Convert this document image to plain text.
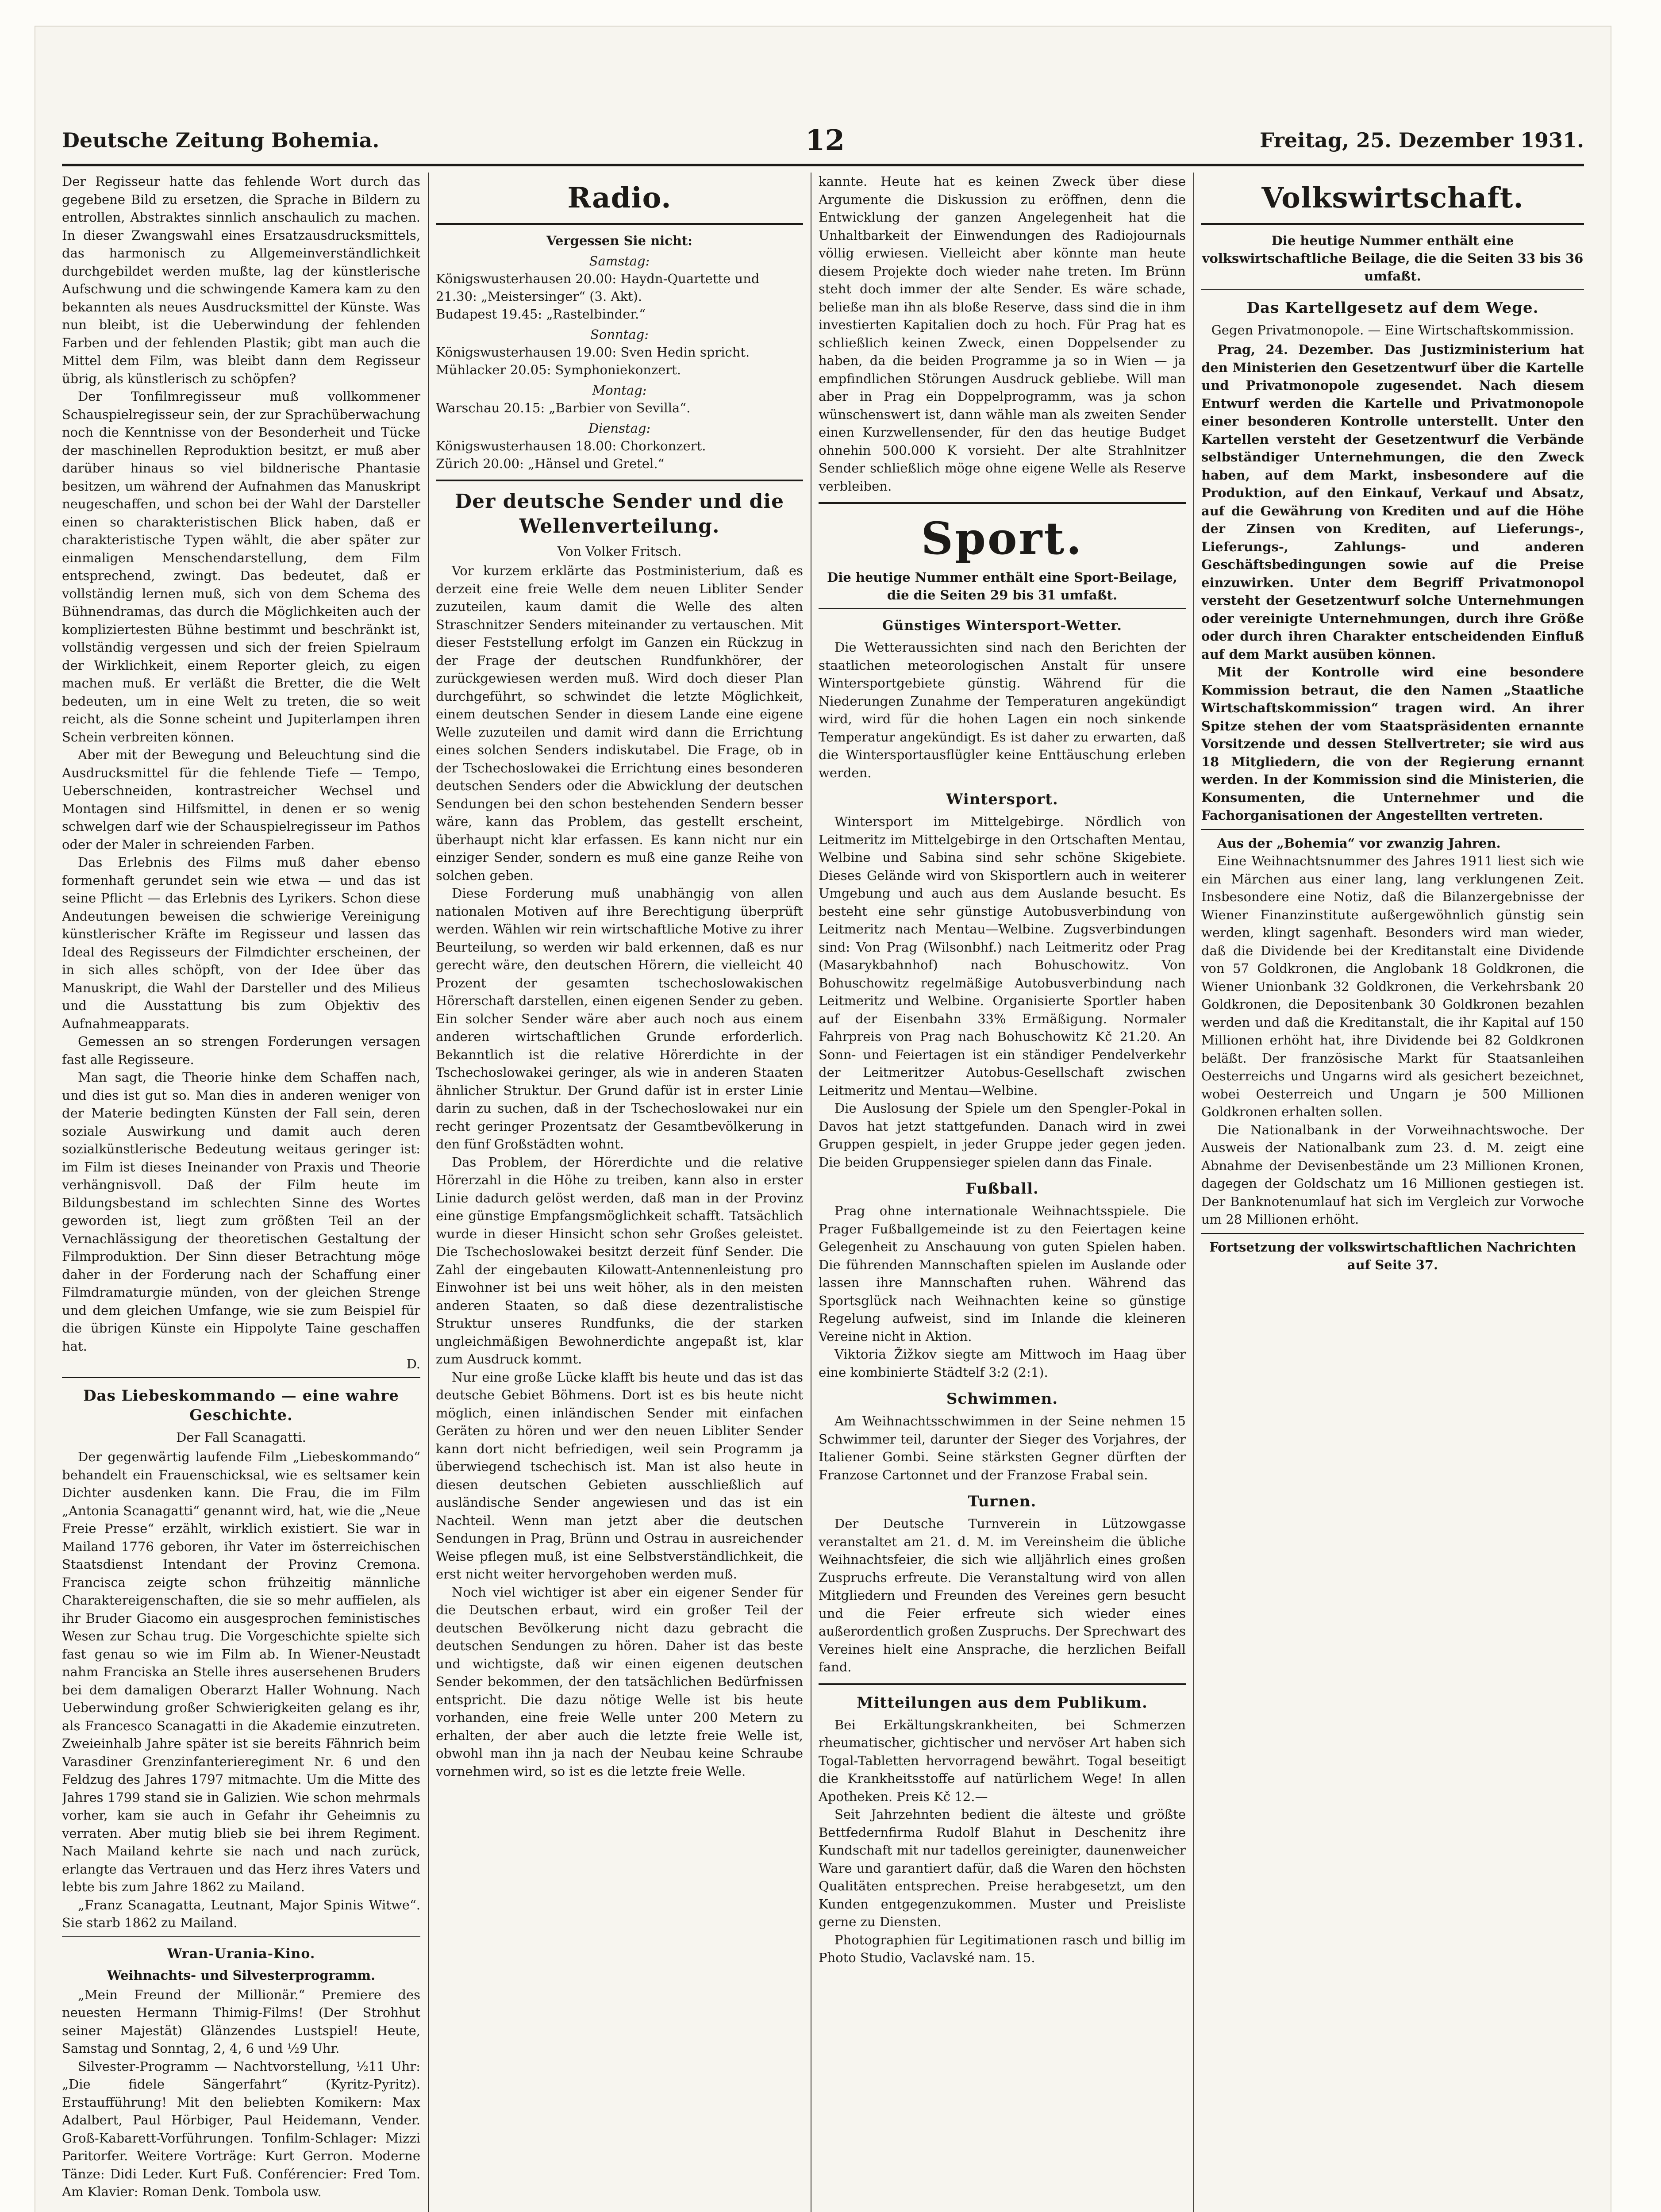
Deutsche Zeitung Bohemia.	12	Freitag, 25. Dezember 1931.

Der Regisseur hatte das fehlende Wort durch das gegebene Bild zu ersetzen, die Sprache in Bildern zu entrollen, Abstraktes sinnlich anschaulich zu machen. In dieser Zwangswahl eines Ersatzausdrucksmittels, das harmonisch zu Allgemeinverständlichkeit durchgebildet werden mußte, lag der künstlerische Aufschwung und die schwingende Kamera kam zu den bekannten als neues Ausdrucksmittel der Künste. Was nun bleibt, ist die Ueberwindung der fehlenden Farben und der fehlenden Plastik; gibt man auch die Mittel dem Film, was bleibt dann dem Regisseur übrig, als künstlerisch zu schöpfen?

Der Tonfilmregisseur muß vollkommener Schauspielregisseur sein, der zur Sprachüberwachung noch die Kenntnisse von der Besonderheit und Tücke der maschinellen Reproduktion besitzt, er muß aber darüber hinaus so viel bildnerische Phantasie besitzen, um während der Aufnahmen das Manuskript neugeschaffen, und schon bei der Wahl der Darsteller einen so charakteristischen Blick haben, daß er charakteristische Typen wählt, die aber später zur einmaligen Menschendarstellung, dem Film entsprechend, zwingt. Das bedeutet, daß er vollständig lernen muß, sich von dem Schema des Bühnendramas, das durch die Möglichkeiten auch der kompliziertesten Bühne bestimmt und beschränkt ist, vollständig vergessen und sich der freien Spielraum der Wirklichkeit, einem Reporter gleich, zu eigen machen muß. Er verläßt die Bretter, die die Welt bedeuten, um in eine Welt zu treten, die so weit reicht, als die Sonne scheint und Jupiterlampen ihren Schein verbreiten können.

Aber mit der Bewegung und Beleuchtung sind die Ausdrucksmittel für die fehlende Tiefe — Tempo, Ueberschneiden, kontrastreicher Wechsel und Montagen sind Hilfsmittel, in denen er so wenig schwelgen darf wie der Schauspielregisseur im Pathos oder der Maler in schreienden Farben.

Das Erlebnis des Films muß daher ebenso formenhaft gerundet sein wie etwa — und das ist seine Pflicht — das Erlebnis des Lyrikers. Schon diese Andeutungen beweisen die schwierige Vereinigung künstlerischer Kräfte im Regisseur und lassen das Ideal des Regisseurs der Filmdichter erscheinen, der in sich alles schöpft, von der Idee über das Manuskript, die Wahl der Darsteller und des Milieus und die Ausstattung bis zum Objektiv des Aufnahmeapparats.

Gemessen an so strengen Forderungen versagen fast alle Regisseure.

Man sagt, die Theorie hinke dem Schaffen nach, und dies ist gut so. Man dies in anderen weniger von der Materie bedingten Künsten der Fall sein, deren soziale Auswirkung und damit auch deren sozialkünstlerische Bedeutung weitaus geringer ist: im Film ist dieses Ineinander von Praxis und Theorie verhängnisvoll. Daß der Film heute im Bildungsbestand im schlechten Sinne des Wortes geworden ist, liegt zum größten Teil an der Vernachlässigung der theoretischen Gestaltung der Filmproduktion. Der Sinn dieser Betrachtung möge daher in der Forderung nach der Schaffung einer Filmdramaturgie münden, von der gleichen Strenge und dem gleichen Umfange, wie sie zum Beispiel für die übrigen Künste ein Hippolyte Taine geschaffen hat.

D.
Das Liebeskommando — eine wahre Geschichte.
Der Fall Scanagatti.

Der gegenwärtig laufende Film „Liebeskommando“ behandelt ein Frauenschicksal, wie es seltsamer kein Dichter ausdenken kann. Die Frau, die im Film „Antonia Scanagatti“ genannt wird, hat, wie die „Neue Freie Presse“ erzählt, wirklich existiert. Sie war in Mailand 1776 geboren, ihr Vater im österreichischen Staatsdienst Intendant der Provinz Cremona. Francisca zeigte schon frühzeitig männliche Charaktereigenschaften, die sie so mehr auffielen, als ihr Bruder Giacomo ein ausgesprochen feministisches Wesen zur Schau trug. Die Vorgeschichte spielte sich fast genau so wie im Film ab. In Wiener-Neustadt nahm Franciska an Stelle ihres ausersehenen Bruders bei dem damaligen Oberarzt Haller Wohnung. Nach Ueberwindung großer Schwierigkeiten gelang es ihr, als Francesco Scanagatti in die Akademie einzutreten. Zweieinhalb Jahre später ist sie bereits Fähnrich beim Varasdiner Grenzinfanterieregiment Nr. 6 und den Feldzug des Jahres 1797 mitmachte. Um die Mitte des Jahres 1799 stand sie in Galizien. Wie schon mehrmals vorher, kam sie auch in Gefahr ihr Geheimnis zu verraten. Aber mutig blieb sie bei ihrem Regiment. Nach Mailand kehrte sie nach und nach zurück, erlangte das Vertrauen und das Herz ihres Vaters und lebte bis zum Jahre 1862 zu Mailand.

„Franz Scanagatta, Leutnant, Major Spinis Witwe“. Sie starb 1862 zu Mailand.

Wran-Urania-Kino.
Weihnachts- und Silvesterprogramm.

„Mein Freund der Millionär.“ Premiere des neuesten Hermann Thimig-Films! (Der Strohhut seiner Majestät) Glänzendes Lustspiel! Heute, Samstag und Sonntag, 2, 4, 6 und ½9 Uhr.

Silvester-Programm — Nachtvorstellung, ½11 Uhr: „Die fidele Sängerfahrt“ (Kyritz-Pyritz). Erstaufführung! Mit den beliebten Komikern: Max Adalbert, Paul Hörbiger, Paul Heidemann, Vender. Groß-Kabarett-Vorführungen. Tonfilm-Schlager: Mizzi Paritorfer. Weitere Vorträge: Kurt Gerron. Moderne Tänze: Didi Leder. Kurt Fuß. Conférencier: Fred Tom. Am Klavier: Roman Denk. Tombola usw.

Radio.
Vergessen Sie nicht:
Samstag:
Königswusterhausen 20.00: Haydn-Quartette und 21.30: „Meistersinger“ (3. Akt).
Budapest 19.45: „Rastelbinder.“
Sonntag:
Königswusterhausen 19.00: Sven Hedin spricht.
Mühlacker 20.05: Symphoniekonzert.
Montag:
Warschau 20.15: „Barbier von Sevilla“.
Dienstag:
Königswusterhausen 18.00: Chorkonzert.
Zürich 20.00: „Hänsel und Gretel.“
Der deutsche Sender und die Wellenverteilung.
Von Volker Fritsch.

Vor kurzem erklärte das Postministerium, daß es derzeit eine freie Welle dem neuen Libliter Sender zuzuteilen, kaum damit die Welle des alten Straschnitzer Senders miteinander zu vertauschen. Mit dieser Feststellung erfolgt im Ganzen ein Rückzug in der Frage der deutschen Rundfunkhörer, der zurückgewiesen werden muß. Wird doch dieser Plan durchgeführt, so schwindet die letzte Möglichkeit, einem deutschen Sender in diesem Lande eine eigene Welle zuzuteilen und damit wird dann die Errichtung eines solchen Senders indiskutabel. Die Frage, ob in der Tschechoslowakei die Errichtung eines besonderen deutschen Senders oder die Abwicklung der deutschen Sendungen bei den schon bestehenden Sendern besser wäre, kann das Problem, das gestellt erscheint, überhaupt nicht klar erfassen. Es kann nicht nur ein einziger Sender, sondern es muß eine ganze Reihe von solchen geben.

Diese Forderung muß unabhängig von allen nationalen Motiven auf ihre Berechtigung überprüft werden. Wählen wir rein wirtschaftliche Motive zu ihrer Beurteilung, so werden wir bald erkennen, daß es nur gerecht wäre, den deutschen Hörern, die vielleicht 40 Prozent der gesamten tschechoslowakischen Hörerschaft darstellen, einen eigenen Sender zu geben. Ein solcher Sender wäre aber auch noch aus einem anderen wirtschaftlichen Grunde erforderlich. Bekanntlich ist die relative Hörerdichte in der Tschechoslowakei geringer, als wie in anderen Staaten ähnlicher Struktur. Der Grund dafür ist in erster Linie darin zu suchen, daß in der Tschechoslowakei nur ein recht geringer Prozentsatz der Gesamtbevölkerung in den fünf Großstädten wohnt.

Das Problem, der Hörerdichte und die relative Hörerzahl in die Höhe zu treiben, kann also in erster Linie dadurch gelöst werden, daß man in der Provinz eine günstige Empfangsmöglichkeit schafft. Tatsächlich wurde in dieser Hinsicht schon sehr Großes geleistet. Die Tschechoslowakei besitzt derzeit fünf Sender. Die Zahl der eingebauten Kilowatt-Antennenleistung pro Einwohner ist bei uns weit höher, als in den meisten anderen Staaten, so daß diese dezentralistische Struktur unseres Rundfunks, die der starken ungleichmäßigen Bewohnerdichte angepaßt ist, klar zum Ausdruck kommt.

Nur eine große Lücke klafft bis heute und das ist das deutsche Gebiet Böhmens. Dort ist es bis heute nicht möglich, einen inländischen Sender mit einfachen Geräten zu hören und wer den neuen Libliter Sender kann dort nicht befriedigen, weil sein Programm ja überwiegend tschechisch ist. Man ist also heute in diesen deutschen Gebieten ausschließlich auf ausländische Sender angewiesen und das ist ein Nachteil. Wenn man jetzt aber die deutschen Sendungen in Prag, Brünn und Ostrau in ausreichender Weise pflegen muß, ist eine Selbstverständlichkeit, die erst nicht weiter hervorgehoben werden muß.

Noch viel wichtiger ist aber ein eigener Sender für die Deutschen erbaut, wird ein großer Teil der deutschen Bevölkerung nicht dazu gebracht die deutschen Sendungen zu hören. Daher ist das beste und wichtigste, daß wir einen eigenen deutschen Sender bekommen, der den tatsächlichen Bedürfnissen entspricht. Die dazu nötige Welle ist bis heute vorhanden, eine freie Welle unter 200 Metern zu erhalten, der aber auch die letzte freie Welle ist, obwohl man ihn ja nach der Neubau keine Schraube vornehmen wird, so ist es die letzte freie Welle.

kannte. Heute hat es keinen Zweck über diese Argumente die Diskussion zu eröffnen, denn die Entwicklung der ganzen Angelegenheit hat die Unhaltbarkeit der Einwendungen des Radiojournals völlig erwiesen. Vielleicht aber könnte man heute diesem Projekte doch wieder nahe treten. Im Brünn steht doch immer der alte Sender. Es wäre schade, beließe man ihn als bloße Reserve, dass sind die in ihm investierten Kapitalien doch zu hoch. Für Prag hat es schließlich keinen Zweck, einen Doppelsender zu haben, da die beiden Programme ja so in Wien — ja empfindlichen Störungen Ausdruck gebliebe. Will man aber in Prag ein Doppelprogramm, was ja schon wünschenswert ist, dann wähle man als zweiten Sender einen Kurzwellensender, für den das heutige Budget ohnehin 500.000 K vorsieht. Der alte Strahlnitzer Sender schließlich möge ohne eigene Welle als Reserve verbleiben.

Sport.
Die heutige Nummer enthält eine Sport-Beilage, die die Seiten 29 bis 31 umfaßt.
Günstiges Wintersport-Wetter.

Die Wetteraussichten sind nach den Berichten der staatlichen meteorologischen Anstalt für unsere Wintersportgebiete günstig. Während für die Niederungen Zunahme der Temperaturen angekündigt wird, wird für die hohen Lagen ein noch sinkende Temperatur angekündigt. Es ist daher zu erwarten, daß die Wintersportausflügler keine Enttäuschung erleben werden.

Wintersport.

Wintersport im Mittelgebirge. Nördlich von Leitmeritz im Mittelgebirge in den Ortschaften Mentau, Welbine und Sabina sind sehr schöne Skigebiete. Dieses Gelände wird von Skisportlern auch in weiterer Umgebung und auch aus dem Auslande besucht. Es besteht eine sehr günstige Autobusverbindung von Leitmeritz nach Mentau—Welbine. Zugsverbindungen sind: Von Prag (Wilsonbhf.) nach Leitmeritz oder Prag (Masarykbahnhof) nach Bohuschowitz. Von Bohuschowitz regelmäßige Autobusverbindung nach Leitmeritz und Welbine. Organisierte Sportler haben auf der Eisenbahn 33% Ermäßigung. Normaler Fahrpreis von Prag nach Bohuschowitz Kč 21.20. An Sonn- und Feiertagen ist ein ständiger Pendelverkehr der Leitmeritzer Autobus-Gesellschaft zwischen Leitmeritz und Mentau—Welbine.

Die Auslosung der Spiele um den Spengler-Pokal in Davos hat jetzt stattgefunden. Danach wird in zwei Gruppen gespielt, in jeder Gruppe jeder gegen jeden. Die beiden Gruppensieger spielen dann das Finale.

Fußball.

Prag ohne internationale Weihnachtsspiele. Die Prager Fußballgemeinde ist zu den Feiertagen keine Gelegenheit zu Anschauung von guten Spielen haben. Die führenden Mannschaften spielen im Auslande oder lassen ihre Mannschaften ruhen. Während das Sportsglück nach Weihnachten keine so günstige Regelung aufweist, sind im Inlande die kleineren Vereine nicht in Aktion.

Viktoria Žižkov siegte am Mittwoch im Haag über eine kombinierte Städtelf 3:2 (2:1).

Schwimmen.

Am Weihnachtsschwimmen in der Seine nehmen 15 Schwimmer teil, darunter der Sieger des Vorjahres, der Italiener Gombi. Seine stärksten Gegner dürften der Franzose Cartonnet und der Franzose Frabal sein.

Turnen.

Der Deutsche Turnverein in Lützowgasse veranstaltet am 21. d. M. im Vereinsheim die übliche Weihnachtsfeier, die sich wie alljährlich eines großen Zuspruchs erfreute. Die Veranstaltung wird von allen Mitgliedern und Freunden des Vereines gern besucht und die Feier erfreute sich wieder eines außerordentlich großen Zuspruchs. Der Sprechwart des Vereines hielt eine Ansprache, die herzlichen Beifall fand.

Mitteilungen aus dem Publikum.

Bei Erkältungskrankheiten, bei Schmerzen rheumatischer, gichtischer und nervöser Art haben sich Togal-Tabletten hervorragend bewährt. Togal beseitigt die Krankheitsstoffe auf natürlichem Wege! In allen Apotheken. Preis Kč 12.—

Seit Jahrzehnten bedient die älteste und größte Bettfedernfirma Rudolf Blahut in Deschenitz ihre Kundschaft mit nur tadellos gereinigter, daunenweicher Ware und garantiert dafür, daß die Waren den höchsten Qualitäten entsprechen. Preise herabgesetzt, um den Kunden entgegenzukommen. Muster und Preisliste gerne zu Diensten.

Photographien für Legitimationen rasch und billig im Photo Studio, Vaclavské nam. 15.

Volkswirtschaft.
Die heutige Nummer enthält eine volkswirtschaftliche Beilage, die die Seiten 33 bis 36 umfaßt.
Das Kartellgesetz auf dem Wege.
Gegen Privatmonopole. — Eine Wirtschaftskommission.

Prag, 24. Dezember. Das Justizministerium hat den Ministerien den Gesetzentwurf über die Kartelle und Privatmonopole zugesendet. Nach diesem Entwurf werden die Kartelle und Privatmonopole einer besonderen Kontrolle unterstellt. Unter den Kartellen versteht der Gesetzentwurf die Verbände selbständiger Unternehmungen, die den Zweck haben, auf dem Markt, insbesondere auf die Produktion, auf den Einkauf, Verkauf und Absatz, auf die Gewährung von Krediten und auf die Höhe der Zinsen von Krediten, auf Lieferungs-, Lieferungs-, Zahlungs- und anderen Geschäftsbedingungen sowie auf die Preise einzuwirken. Unter dem Begriff Privatmonopol versteht der Gesetzentwurf solche Unternehmungen oder vereinigte Unternehmungen, durch ihre Größe oder durch ihren Charakter entscheidenden Einfluß auf dem Markt ausüben können.

Mit der Kontrolle wird eine besondere Kommission betraut, die den Namen „Staatliche Wirtschaftskommission“ tragen wird. An ihrer Spitze stehen der vom Staatspräsidenten ernannte Vorsitzende und dessen Stellvertreter; sie wird aus 18 Mitgliedern, die von der Regierung ernannt werden. In der Kommission sind die Ministerien, die Konsumenten, die Unternehmer und die Fachorganisationen der Angestellten vertreten.

Aus der „Bohemia“ vor zwanzig Jahren.

Eine Weihnachtsnummer des Jahres 1911 liest sich wie ein Märchen aus einer lang, lang verklungenen Zeit. Insbesondere eine Notiz, daß die Bilanzergebnisse der Wiener Finanzinstitute außergewöhnlich günstig sein werden, klingt sagenhaft. Besonders wird man wieder, daß die Dividende bei der Kreditanstalt eine Dividende von 57 Goldkronen, die Anglobank 18 Goldkronen, die Wiener Unionbank 32 Goldkronen, die Verkehrsbank 20 Goldkronen, die Depositenbank 30 Goldkronen bezahlen werden und daß die Kreditanstalt, die ihr Kapital auf 150 Millionen erhöht hat, ihre Dividende bei 82 Goldkronen beläßt. Der französische Markt für Staatsanleihen Oesterreichs und Ungarns wird als gesichert bezeichnet, wobei Oesterreich und Ungarn je 500 Millionen Goldkronen erhalten sollen.

Die Nationalbank in der Vorweihnachtswoche. Der Ausweis der Nationalbank zum 23. d. M. zeigt eine Abnahme der Devisenbestände um 23 Millionen Kronen, dagegen der Goldschatz um 16 Millionen gestiegen ist. Der Banknotenumlauf hat sich im Vergleich zur Vorwoche um 28 Millionen erhöht.

Fortsetzung der volkswirtschaftlichen Nachrichten auf Seite 37.
